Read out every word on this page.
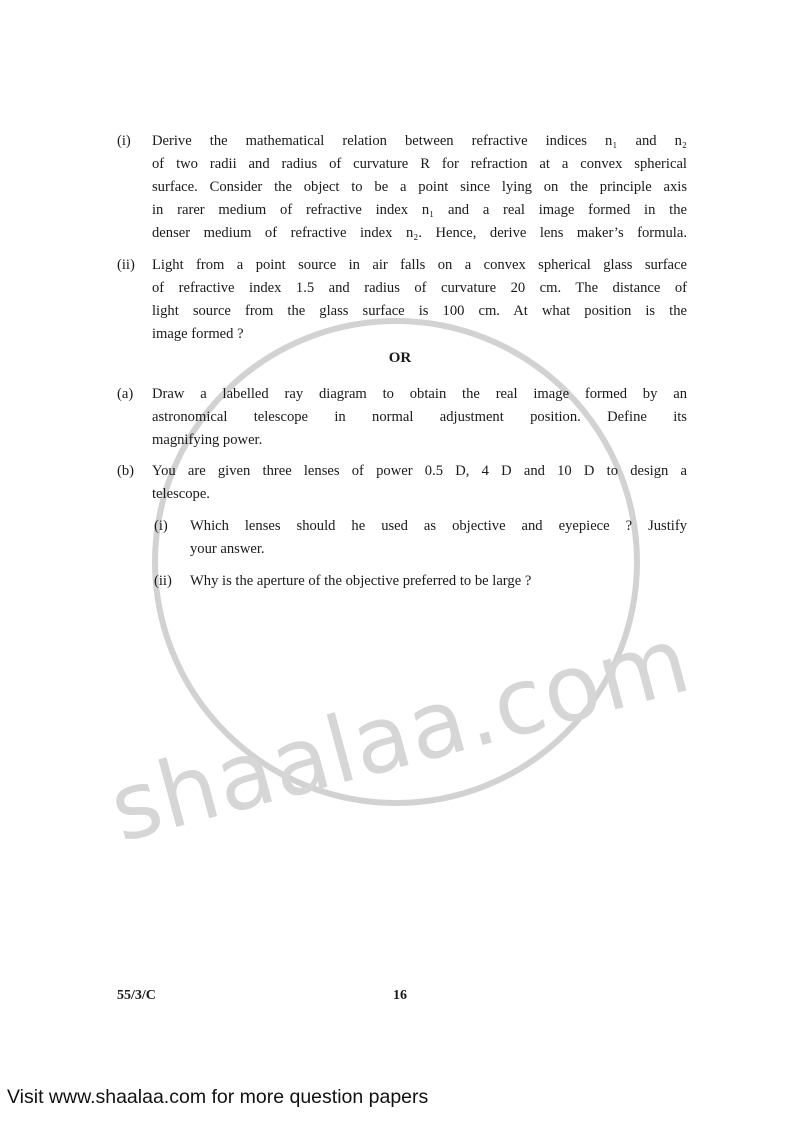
shaalaa.com
(i) Derive the mathematical relation between refractive indices n₁ and n₂
of two radii and radius of curvature R for refraction at a convex spherical
surface. Consider the object to be a point since lying on the principle axis
in rarer medium of refractive index n₁ and a real image formed in the
denser medium of refractive index n₂. Hence, derive lens maker’s formula.
(ii) Light from a point source in air falls on a convex spherical glass surface
of refractive index 1.5 and radius of curvature 20 cm. The distance of
light source from the glass surface is 100 cm. At what position is the
image formed ?
OR
(a) Draw a labelled ray diagram to obtain the real image formed by an
astronomical telescope in normal adjustment position. Define its
magnifying power.
(b) You are given three lenses of power 0.5 D, 4 D and 10 D to design a
telescope.
(i) Which lenses should he used as objective and eyepiece ? Justify
your answer.
(ii) Why is the aperture of the objective preferred to be large ?
55/3/C	16
Visit www.shaalaa.com for more question papers
